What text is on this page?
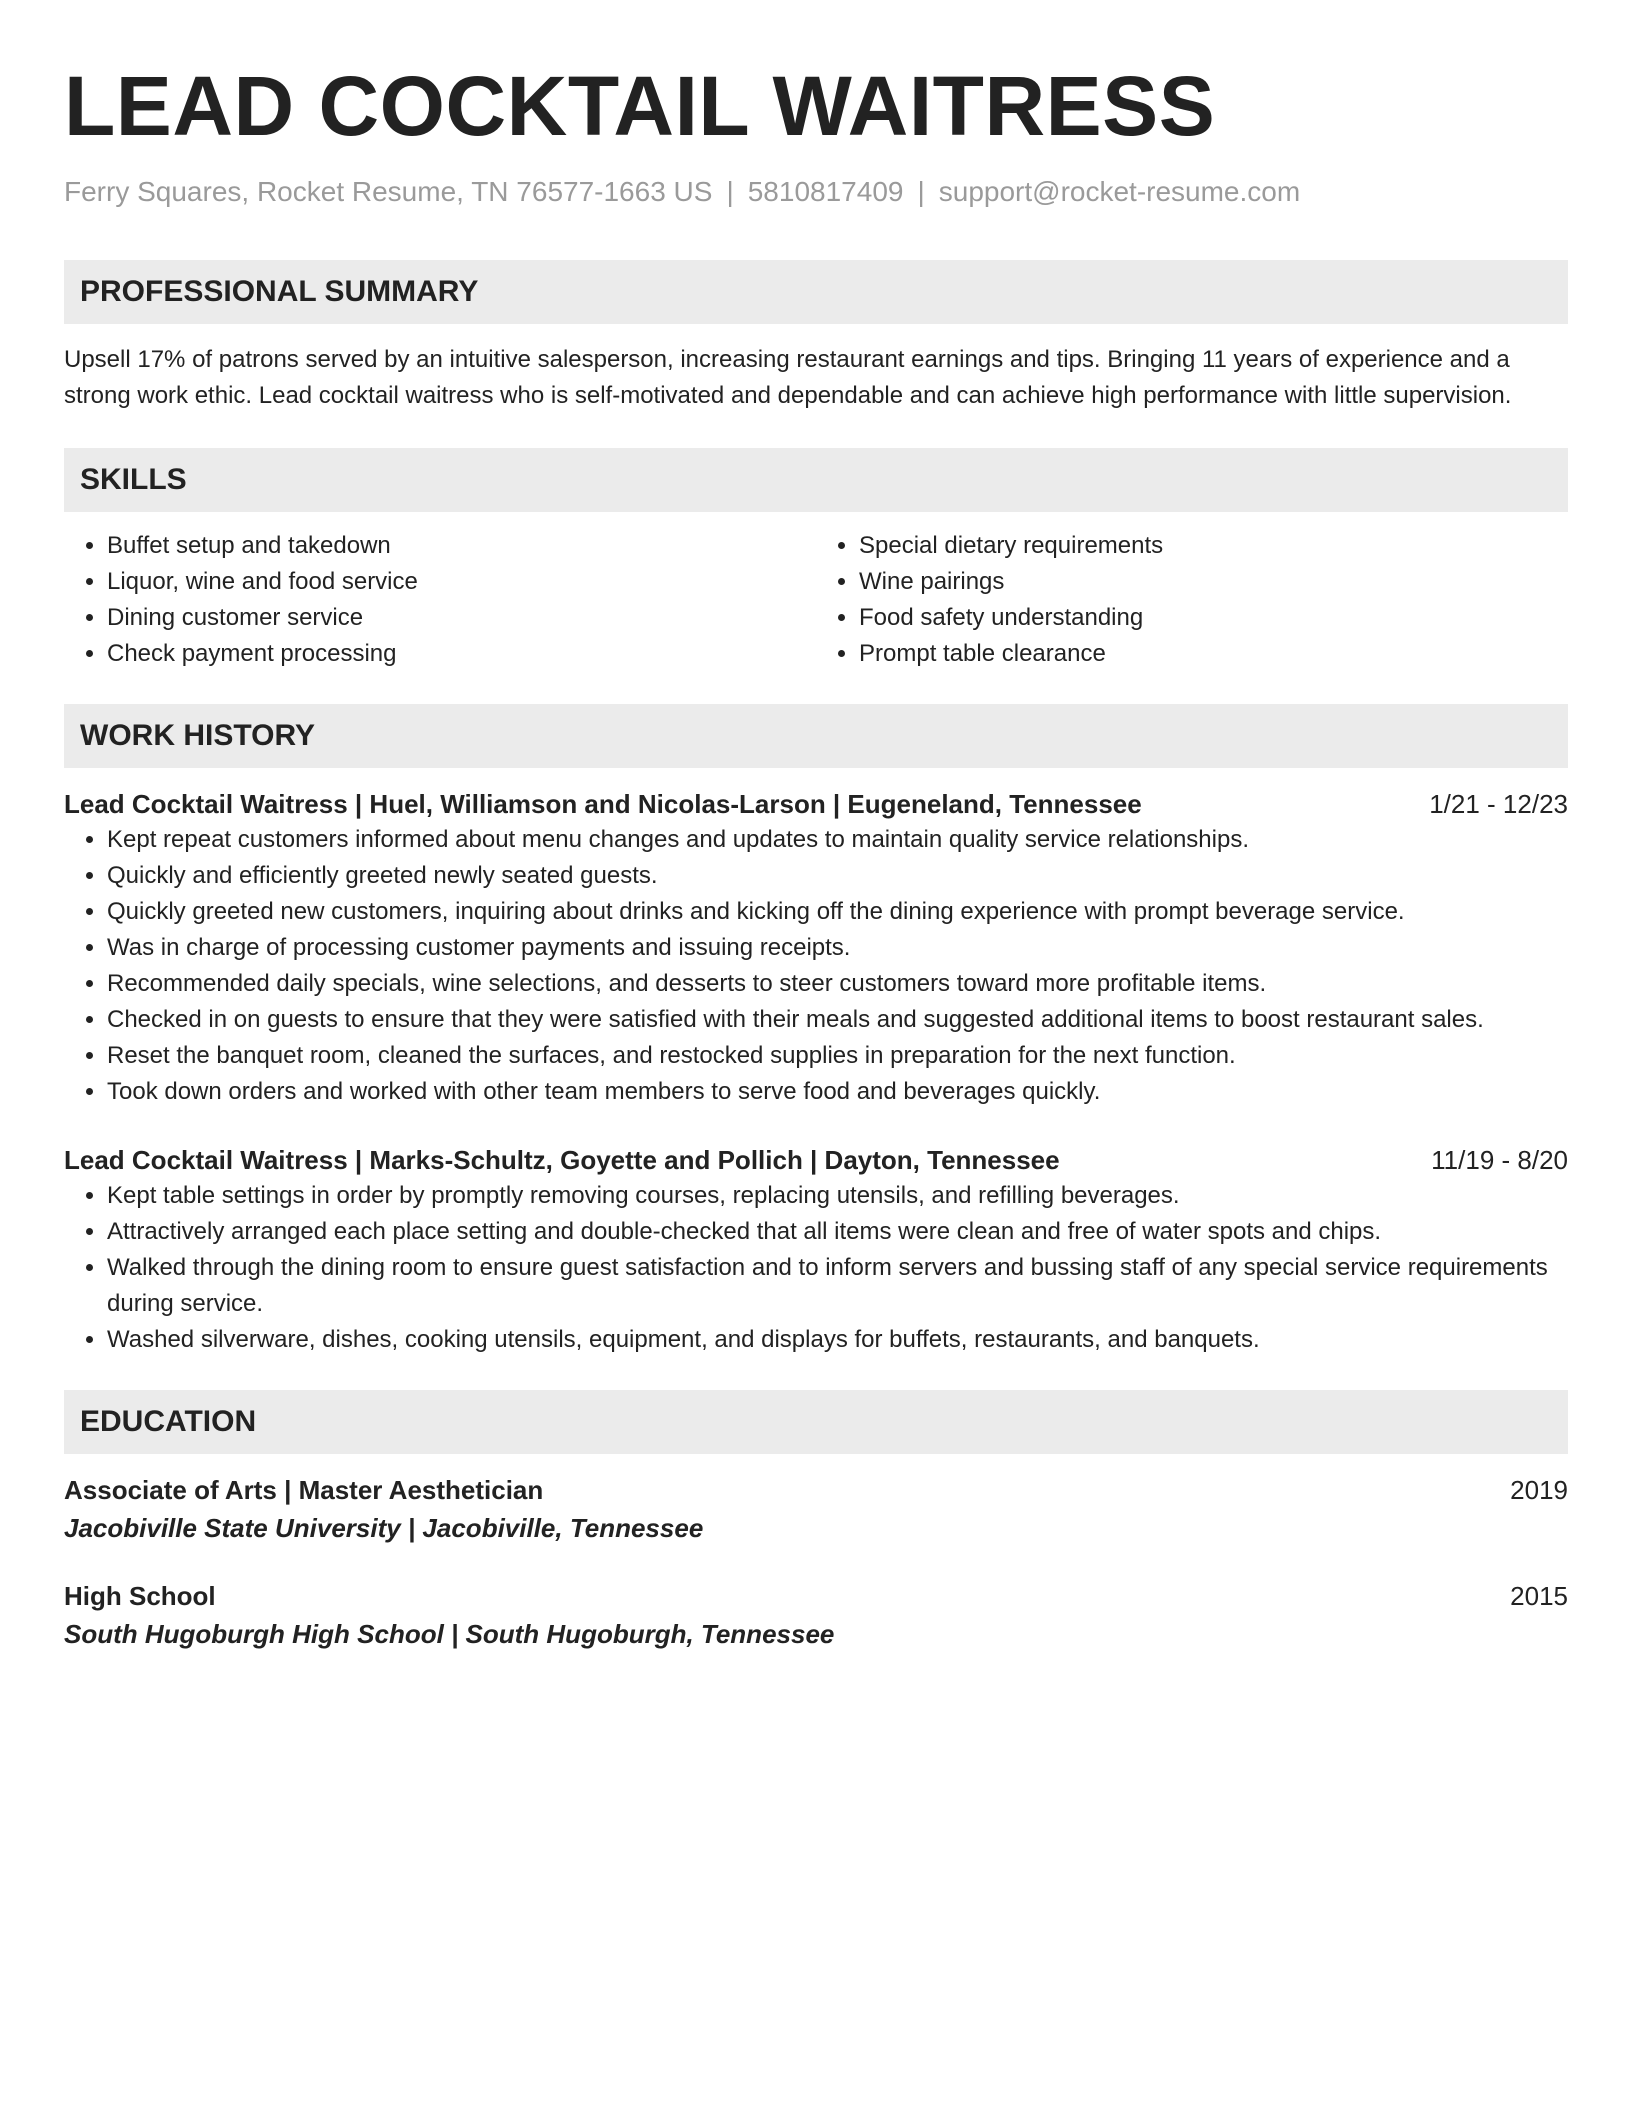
LEAD COCKTAIL WAITRESS
Ferry Squares, Rocket Resume, TN 76577-1663 US | 5810817409 | support@rocket-resume.com
PROFESSIONAL SUMMARY
Upsell 17% of patrons served by an intuitive salesperson, increasing restaurant earnings and tips. Bringing 11 years of experience and a strong work ethic. Lead cocktail waitress who is self-motivated and dependable and can achieve high performance with little supervision.
SKILLS
• Buffet setup and takedown
• Liquor, wine and food service
• Dining customer service
• Check payment processing
• Special dietary requirements
• Wine pairings
• Food safety understanding
• Prompt table clearance
WORK HISTORY
Lead Cocktail Waitress | Huel, Williamson and Nicolas-Larson | Eugeneland, Tennessee	1/21 - 12/23
• Kept repeat customers informed about menu changes and updates to maintain quality service relationships.
• Quickly and efficiently greeted newly seated guests.
• Quickly greeted new customers, inquiring about drinks and kicking off the dining experience with prompt beverage service.
• Was in charge of processing customer payments and issuing receipts.
• Recommended daily specials, wine selections, and desserts to steer customers toward more profitable items.
• Checked in on guests to ensure that they were satisfied with their meals and suggested additional items to boost restaurant sales.
• Reset the banquet room, cleaned the surfaces, and restocked supplies in preparation for the next function.
• Took down orders and worked with other team members to serve food and beverages quickly.
Lead Cocktail Waitress | Marks-Schultz, Goyette and Pollich | Dayton, Tennessee	11/19 - 8/20
• Kept table settings in order by promptly removing courses, replacing utensils, and refilling beverages.
• Attractively arranged each place setting and double-checked that all items were clean and free of water spots and chips.
• Walked through the dining room to ensure guest satisfaction and to inform servers and bussing staff of any special service requirements during service.
• Washed silverware, dishes, cooking utensils, equipment, and displays for buffets, restaurants, and banquets.
EDUCATION
Associate of Arts | Master Aesthetician	2019
Jacobiville State University | Jacobiville, Tennessee
High School	2015
South Hugoburgh High School | South Hugoburgh, Tennessee
